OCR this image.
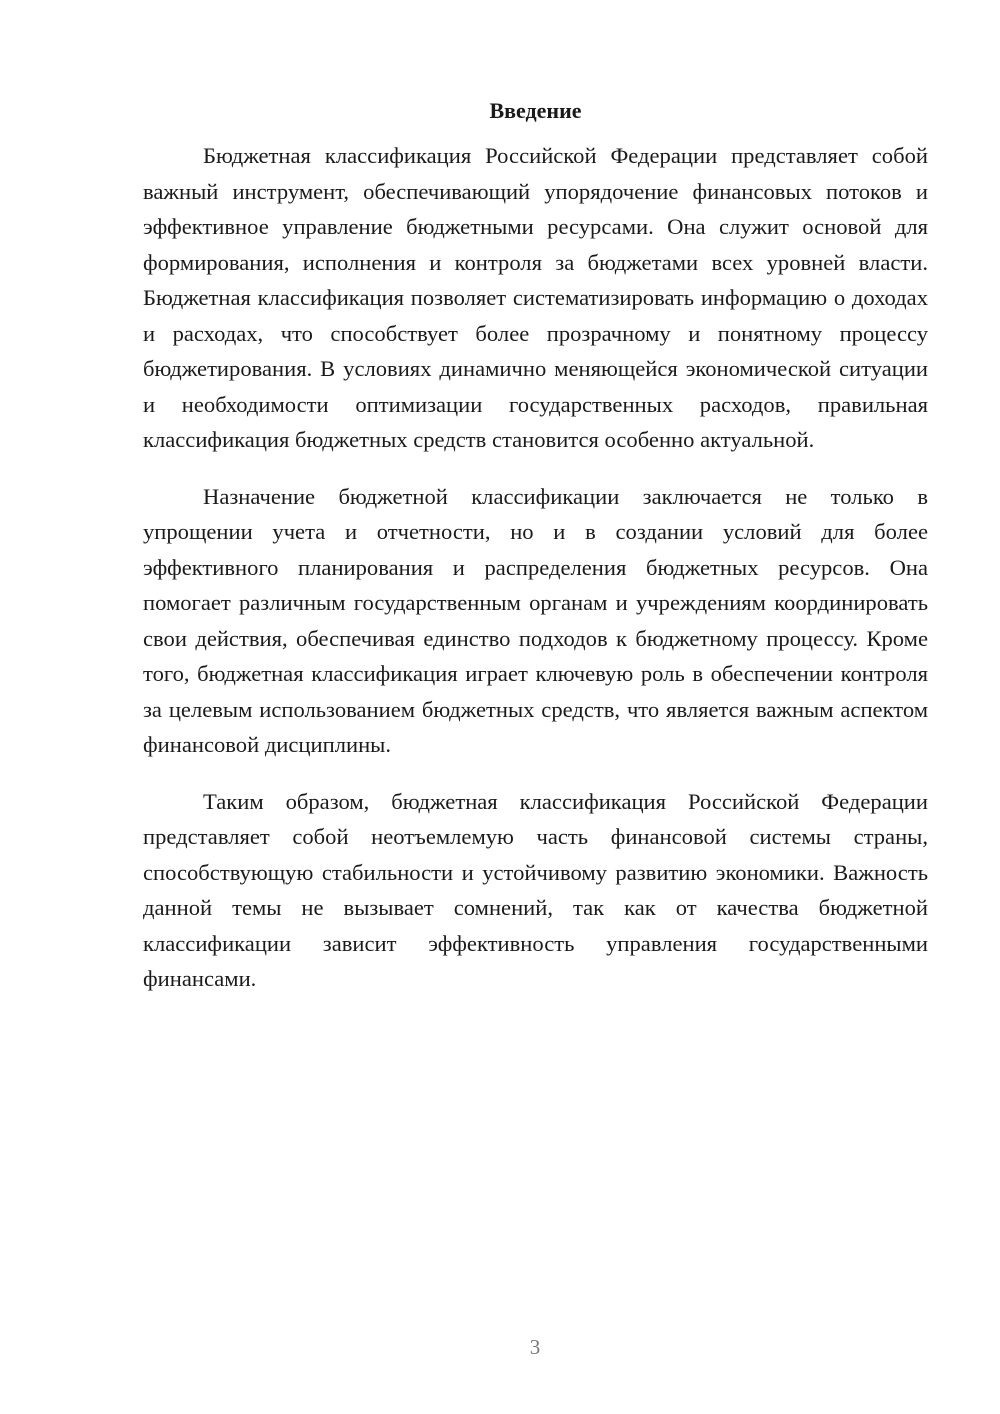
Введение

Бюджетная классификация Российской Федерации представляет собой важный инструмент, обеспечивающий упорядочение финансовых потоков и эффективное управление бюджетными ресурсами. Она служит основой для формирования, исполнения и контроля за бюджетами всех уровней власти. Бюджетная классификация позволяет систематизировать информацию о доходах и расходах, что способствует более прозрачному и понятному процессу бюджетирования. В условиях динамично меняющейся экономической ситуации и необходимости оптимизации государственных расходов, правильная классификация бюджетных средств становится особенно актуальной.

Назначение бюджетной классификации заключается не только в упрощении учета и отчетности, но и в создании условий для более эффективного планирования и распределения бюджетных ресурсов. Она помогает различным государственным органам и учреждениям координировать свои действия, обеспечивая единство подходов к бюджетному процессу. Кроме того, бюджетная классификация играет ключевую роль в обеспечении контроля за целевым использованием бюджетных средств, что является важным аспектом финансовой дисциплины.

Таким образом, бюджетная классификация Российской Федерации представляет собой неотъемлемую часть финансовой системы страны, способствующую стабильности и устойчивому развитию экономики. Важность данной темы не вызывает сомнений, так как от качества бюджетной классификации зависит эффективность управления государственными финансами.

3
